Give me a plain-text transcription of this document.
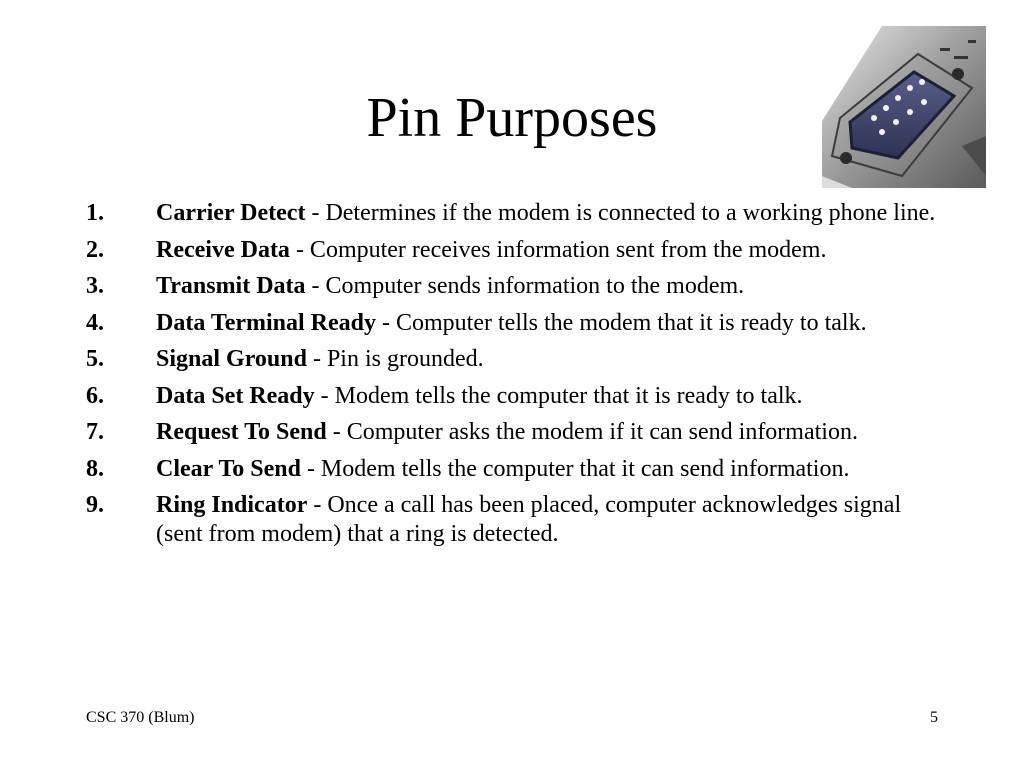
Pin Purposes
1. Carrier Detect - Determines if the modem is connected to a working phone line.
2. Receive Data - Computer receives information sent from the modem.
3. Transmit Data - Computer sends information to the modem.
4. Data Terminal Ready - Computer tells the modem that it is ready to talk.
5. Signal Ground - Pin is grounded.
6. Data Set Ready - Modem tells the computer that it is ready to talk.
7. Request To Send - Computer asks the modem if it can send information.
8. Clear To Send - Modem tells the computer that it can send information.
9. Ring Indicator - Once a call has been placed, computer acknowledges signal (sent from modem) that a ring is detected.
CSC 370 (Blum)	5
